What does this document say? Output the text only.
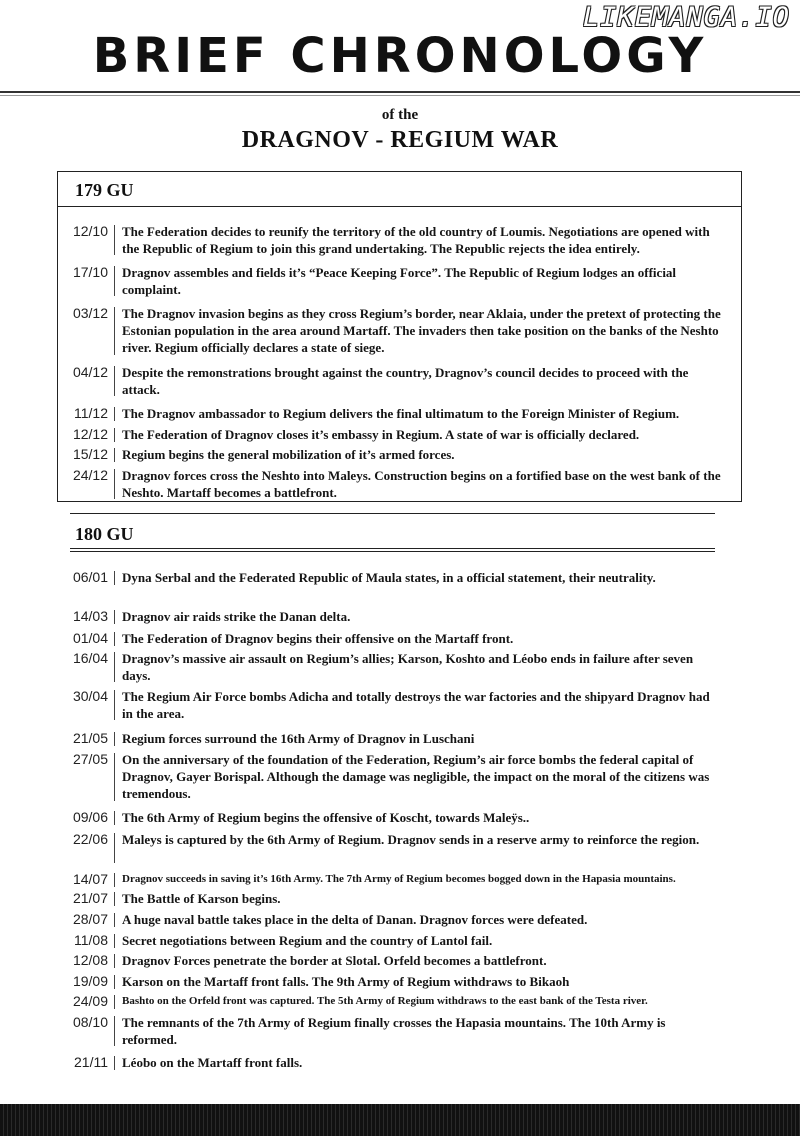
LIKEMANGA.IO
BRIEF CHRONOLOGY
of the
DRAGNOV - REGIUM WAR
179 GU
180 GU
12/10 The Federation decides to reunify the territory of the old country of Loumis. Negotiations are opened with the Republic of Regium to join this grand undertaking. The Republic rejects the idea entirely.
17/10 Dragnov assembles and fields it’s “Peace Keeping Force”. The Republic of Regium lodges an official complaint.
03/12 The Dragnov invasion begins as they cross Regium’s border, near Aklaia, under the pretext of protecting the Estonian population in the area around Martaff. The invaders then take position on the banks of the Neshto river. Regium officially declares a state of siege.
04/12 Despite the remonstrations brought against the country, Dragnov’s council decides to proceed with the attack.
11/12 The Dragnov ambassador to Regium delivers the final ultimatum to the Foreign Minister of Regium.
12/12 The Federation of Dragnov closes it’s embassy in Regium. A state of war is officially declared.
15/12 Regium begins the general mobilization of it’s armed forces.
24/12 Dragnov forces cross the Neshto into Maleys. Construction begins on a fortified base on the west bank of the Neshto. Martaff becomes a battlefront.
06/01 Dyna Serbal and the Federated Republic of Maula states, in a official statement, their neutrality.
14/03 Dragnov air raids strike the Danan delta.
01/04 The Federation of Dragnov begins their offensive on the Martaff front.
16/04 Dragnov’s massive air assault on Regium’s allies; Karson, Koshto and Léobo ends in failure after seven days.
30/04 The Regium Air Force bombs Adicha and totally destroys the war factories and the shipyard Dragnov had in the area.
21/05 Regium forces surround the 16th Army of Dragnov in Luschani
27/05 On the anniversary of the foundation of the Federation, Regium’s air force bombs the federal capital of Dragnov, Gayer Borispal. Although the damage was negligible, the impact on the moral of the citizens was tremendous.
09/06 The 6th Army of Regium begins the offensive of Koscht, towards Maleÿs..
22/06 Maleys is captured by the 6th Army of Regium. Dragnov sends in a reserve army to reinforce the region.
14/07 Dragnov succeeds in saving it’s 16th Army. The 7th Army of Regium becomes bogged down in the Hapasia mountains.
21/07 The Battle of Karson begins.
28/07 A huge naval battle takes place in the delta of Danan. Dragnov forces were defeated.
11/08 Secret negotiations between Regium and the country of Lantol fail.
12/08 Dragnov Forces penetrate the border at Slotal. Orfeld becomes a battlefront.
19/09 Karson on the Martaff front falls. The 9th Army of Regium withdraws to Bikaoh
24/09 Bashto on the Orfeld front was captured. The 5th Army of Regium withdraws to the east bank of the Testa river.
08/10 The remnants of the 7th Army of Regium finally crosses the Hapasia mountains. The 10th Army is reformed.
21/11 Léobo on the Martaff front falls.
